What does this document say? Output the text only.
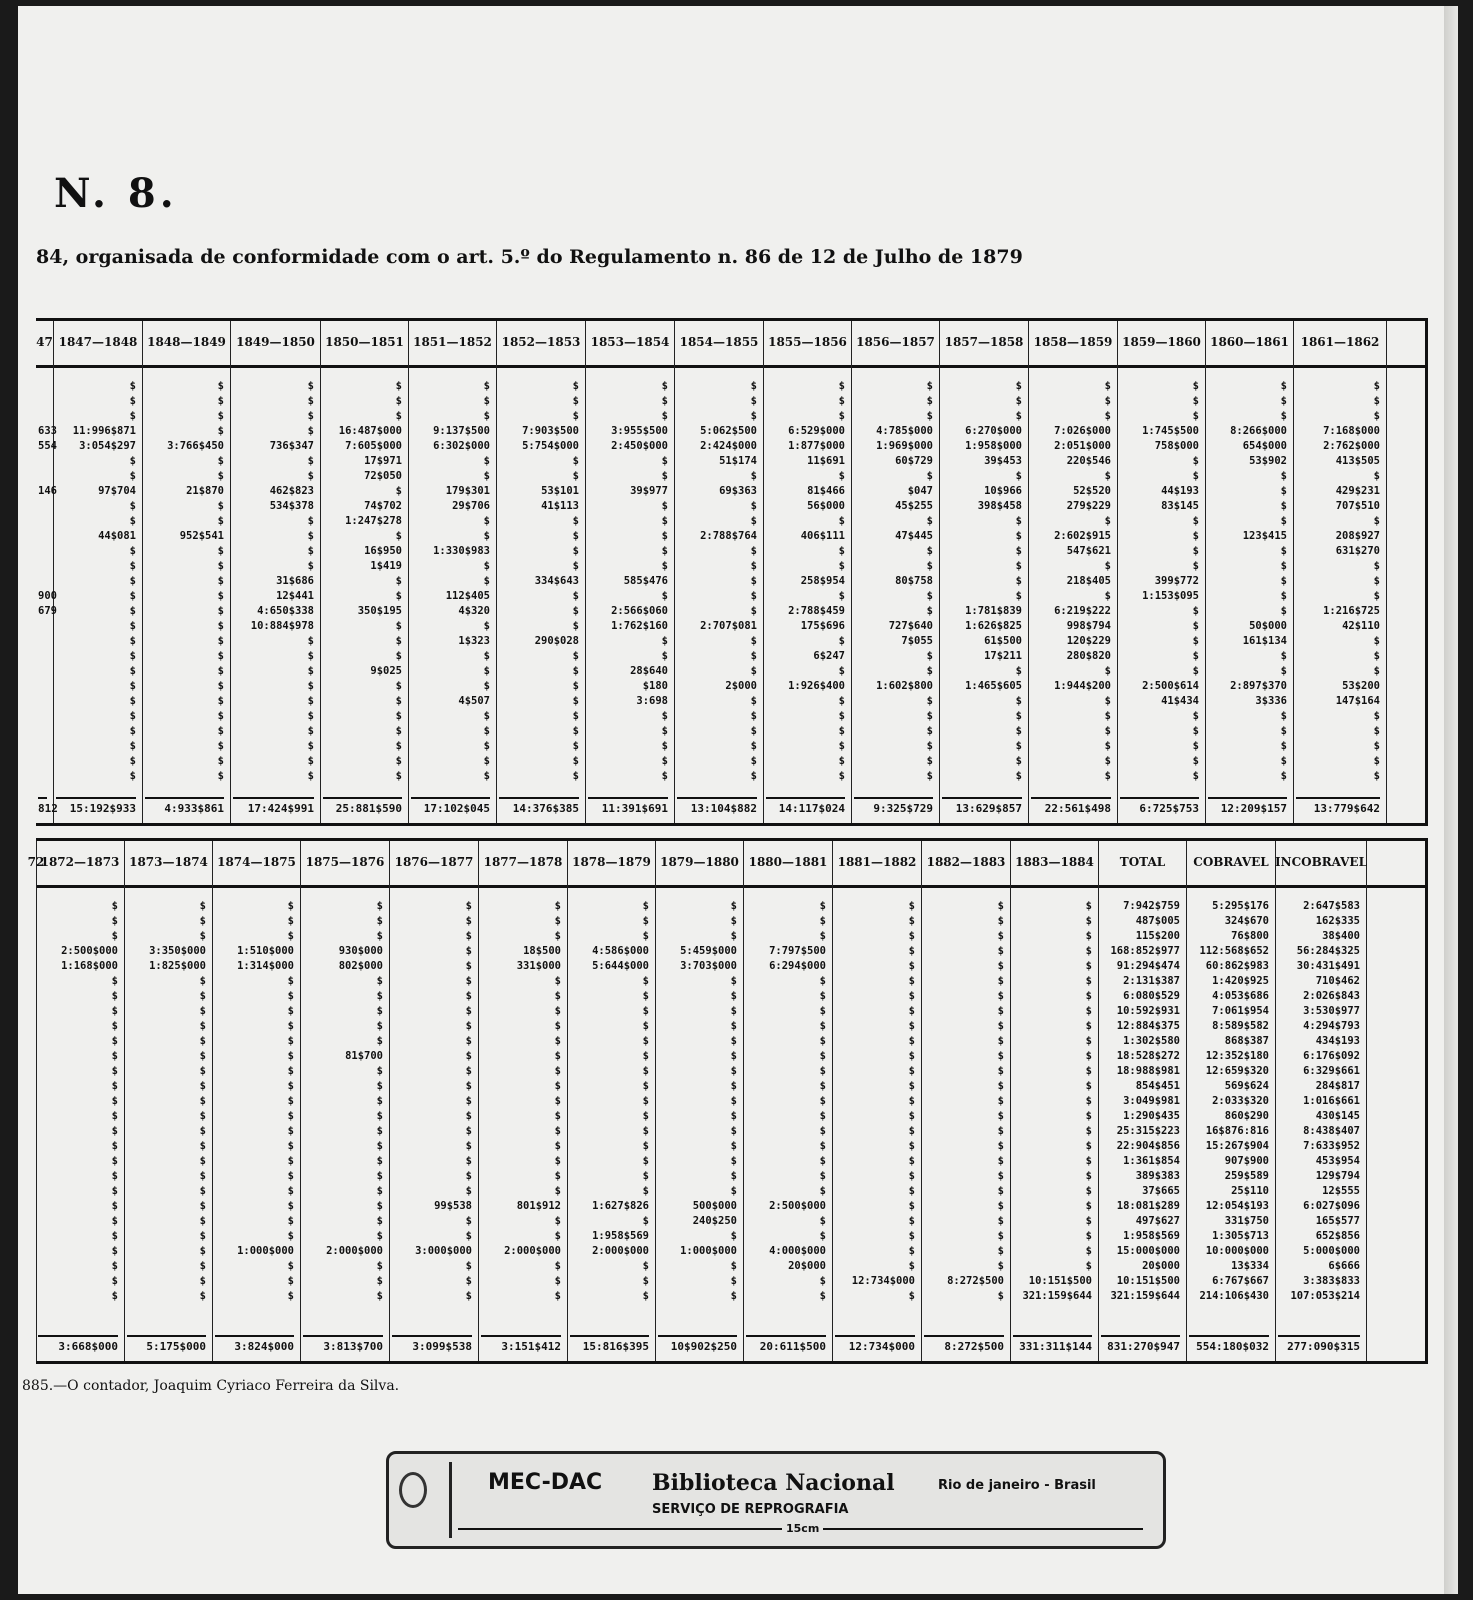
N. 8.
84, organisada de conformidade com o art. 5.º do Regulamento n. 86 de 12 de Julho de 1879
47

633
554

146

900
679

812
1847—1848
$
$
$
11:996$871
3:054$297
$
$
97$704
$
$
44$081
$
$
$
$
$
$
$
$
$
$
$
$
$
$
$
$
15:192$933
1848—1849
$
$
$
$
3:766$450
$
$
21$870
$
$
952$541
$
$
$
$
$
$
$
$
$
$
$
$
$
$
$
$
4:933$861
1849—1850
$
$
$
$
736$347
$
$
462$823
534$378
$
$
$
$
31$686
12$441
4:650$338
10:884$978
$
$
$
$
$
$
$
$
$
$
17:424$991
1850—1851
$
$
$
16:487$000
7:605$000
17$971
72$050
$
74$702
1:247$278
$
16$950
1$419
$
$
350$195
$
$
$
9$025
$
$
$
$
$
$
$
25:881$590
1851—1852
$
$
$
9:137$500
6:302$000
$
$
179$301
29$706
$
$
1:330$983
$
$
112$405
4$320
$
1$323
$
$
$
4$507
$
$
$
$
$
17:102$045
1852—1853
$
$
$
7:903$500
5:754$000
$
$
53$101
41$113
$
$
$
$
334$643
$
$
$
290$028
$
$
$
$
$
$
$
$
$
14:376$385
1853—1854
$
$
$
3:955$500
2:450$000
$
$
39$977
$
$
$
$
$
585$476
$
2:566$060
1:762$160
$
$
28$640
$180
3:698
$
$
$
$
$
11:391$691
1854—1855
$
$
$
5:062$500
2:424$000
51$174
$
69$363
$
$
2:788$764
$
$
$
$
$
2:707$081
$
$
$
2$000
$
$
$
$
$
$
13:104$882
1855—1856
$
$
$
6:529$000
1:877$000
11$691
$
81$466
56$000
$
406$111
$
$
258$954
$
2:788$459
175$696
$
6$247
$
1:926$400
$
$
$
$
$
$
14:117$024
1856—1857
$
$
$
4:785$000
1:969$000
60$729
$
$047
45$255
$
47$445
$
$
80$758
$
$
727$640
7$055
$
$
1:602$800
$
$
$
$
$
$
9:325$729
1857—1858
$
$
$
6:270$000
1:958$000
39$453
$
10$966
398$458
$
$
$
$
$
$
1:781$839
1:626$825
61$500
17$211
$
1:465$605
$
$
$
$
$
$
13:629$857
1858—1859
$
$
$
7:026$000
2:051$000
220$546
$
52$520
279$229
$
2:602$915
547$621
$
218$405
$
6:219$222
998$794
120$229
280$820
$
1:944$200
$
$
$
$
$
$
22:561$498
1859—1860
$
$
$
1:745$500
758$000
$
$
44$193
83$145
$
$
$
$
399$772
1:153$095
$
$
$
$
$
2:500$614
41$434
$
$
$
$
$
6:725$753
1860—1861
$
$
$
8:266$000
654$000
53$902
$
$
$
$
123$415
$
$
$
$
$
50$000
161$134
$
$
2:897$370
3$336
$
$
$
$
$
12:209$157
1861—1862
$
$
$
7:168$000
2:762$000
413$505
$
429$231
707$510
$
208$927
631$270
$
$
$
1:216$725
42$110
$
$
$
53$200
147$164
$
$
$
$
$
13:779$642
72
1872—1873
$
$
$
2:500$000
1:168$000
$
$
$
$
$
$
$
$
$
$
$
$
$
$
$
$
$
$
$
$
$
$
3:668$000
1873—1874
$
$
$
3:350$000
1:825$000
$
$
$
$
$
$
$
$
$
$
$
$
$
$
$
$
$
$
$
$
$
$
5:175$000
1874—1875
$
$
$
1:510$000
1:314$000
$
$
$
$
$
$
$
$
$
$
$
$
$
$
$
$
$
$
1:000$000
$
$
$
3:824$000
1875—1876
$
$
$
930$000
802$000
$
$
$
$
$
81$700
$
$
$
$
$
$
$
$
$
$
$
$
2:000$000
$
$
$
3:813$700
1876—1877
$
$
$
$
$
$
$
$
$
$
$
$
$
$
$
$
$
$
$
$
99$538
$
$
3:000$000
$
$
$
3:099$538
1877—1878
$
$
$
18$500
331$000
$
$
$
$
$
$
$
$
$
$
$
$
$
$
$
801$912
$
$
2:000$000
$
$
$
3:151$412
1878—1879
$
$
$
4:586$000
5:644$000
$
$
$
$
$
$
$
$
$
$
$
$
$
$
$
1:627$826
$
1:958$569
2:000$000
$
$
$
15:816$395
1879—1880
$
$
$
5:459$000
3:703$000
$
$
$
$
$
$
$
$
$
$
$
$
$
$
$
500$000
240$250
$
1:000$000
$
$
$
10$902$250
1880—1881
$
$
$
7:797$500
6:294$000
$
$
$
$
$
$
$
$
$
$
$
$
$
$
$
2:500$000
$
$
4:000$000
20$000
$
$
20:611$500
1881—1882
$
$
$
$
$
$
$
$
$
$
$
$
$
$
$
$
$
$
$
$
$
$
$
$
$
12:734$000
$
12:734$000
1882—1883
$
$
$
$
$
$
$
$
$
$
$
$
$
$
$
$
$
$
$
$
$
$
$
$
$
8:272$500
$
8:272$500
1883—1884
$
$
$
$
$
$
$
$
$
$
$
$
$
$
$
$
$
$
$
$
$
$
$
$
$
10:151$500
321:159$644
331:311$144
TOTAL
7:942$759
487$005
115$200
168:852$977
91:294$474
2:131$387
6:080$529
10:592$931
12:884$375
1:302$580
18:528$272
18:988$981
854$451
3:049$981
1:290$435
25:315$223
22:904$856
1:361$854
389$383
37$665
18:081$289
497$627
1:958$569
15:000$000
20$000
10:151$500
321:159$644
831:270$947
COBRAVEL
5:295$176
324$670
76$800
112:568$652
60:862$983
1:420$925
4:053$686
7:061$954
8:589$582
868$387
12:352$180
12:659$320
569$624
2:033$320
860$290
16$876:816
15:267$904
907$900
259$589
25$110
12:054$193
331$750
1:305$713
10:000$000
13$334
6:767$667
214:106$430
554:180$032
INCOBRAVEL
2:647$583
162$335
38$400
56:284$325
30:431$491
710$462
2:026$843
3:530$977
4:294$793
434$193
6:176$092
6:329$661
284$817
1:016$661
430$145
8:438$407
7:633$952
453$954
129$794
12$555
6:027$096
165$577
652$856
5:000$000
6$666
3:383$833
107:053$214
277:090$315
885.—O contador, Joaquim Cyriaco Ferreira da Silva.
MEC-DAC Biblioteca Nacional	Rio de janeiro - Brasil
SERVIÇO DE REPROGRAFIA
15cm
